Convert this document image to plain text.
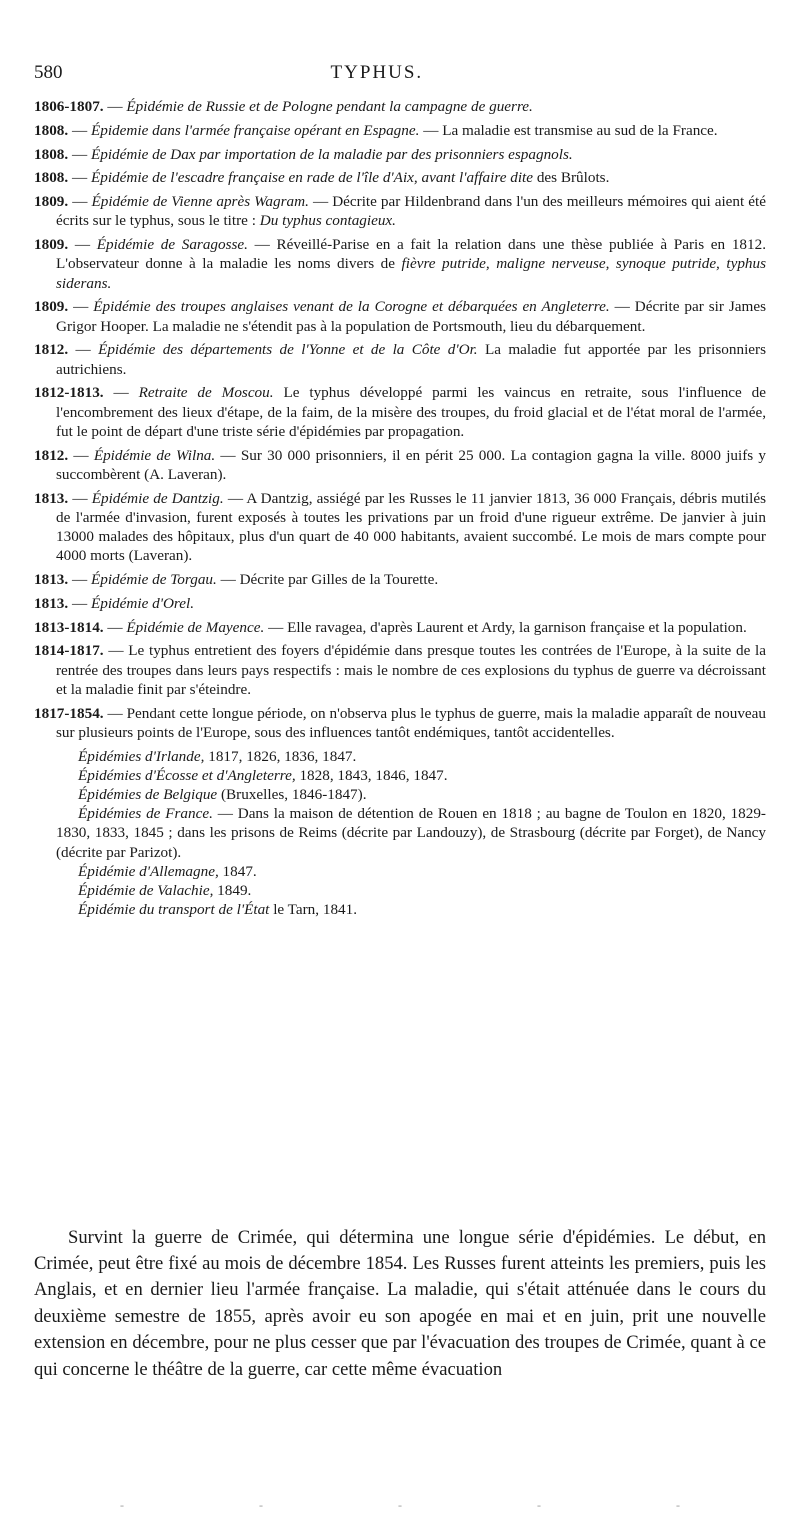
580	TYPHUS.

1806-1807. — Épidémie de Russie et de Pologne pendant la campagne de guerre.

1808. — Épidemie dans l'armée française opérant en Espagne. — La maladie est transmise au sud de la France.

1808. — Épidémie de Dax par importation de la maladie par des prisonniers espagnols.

1808. — Épidémie de l'escadre française en rade de l'île d'Aix, avant l'affaire dite des Brûlots.

1809. — Épidémie de Vienne après Wagram. — Décrite par Hildenbrand dans l'un des meilleurs mémoires qui aient été écrits sur le typhus, sous le titre : Du typhus contagieux.

1809. — Épidémie de Saragosse. — Réveillé-Parise en a fait la relation dans une thèse publiée à Paris en 1812. L'observateur donne à la maladie les noms divers de fièvre putride, maligne nerveuse, synoque putride, typhus siderans.

1809. — Épidémie des troupes anglaises venant de la Corogne et débarquées en Angleterre. — Décrite par sir James Grigor Hooper. La maladie ne s'étendit pas à la population de Portsmouth, lieu du débarquement.

1812. — Épidémie des départements de l'Yonne et de la Côte d'Or. La maladie fut apportée par les prisonniers autrichiens.

1812-1813. — Retraite de Moscou. Le typhus développé parmi les vaincus en retraite, sous l'influence de l'encombrement des lieux d'étape, de la faim, de la misère des troupes, du froid glacial et de l'état moral de l'armée, fut le point de départ d'une triste série d'épidémies par propagation.

1812. — Épidémie de Wilna. — Sur 30 000 prisonniers, il en périt 25 000. La contagion gagna la ville. 8000 juifs y succombèrent (A. Laveran).

1813. — Épidémie de Dantzig. — A Dantzig, assiégé par les Russes le 11 janvier 1813, 36 000 Français, débris mutilés de l'armée d'invasion, furent exposés à toutes les privations par un froid d'une rigueur extrême. De janvier à juin 13000 malades des hôpitaux, plus d'un quart de 40 000 habitants, avaient succombé. Le mois de mars compte pour 4000 morts (Laveran).

1813. — Épidémie de Torgau. — Décrite par Gilles de la Tourette.

1813. — Épidémie d'Orel.

1813-1814. — Épidémie de Mayence. — Elle ravagea, d'après Laurent et Ardy, la garnison française et la population.

1814-1817. — Le typhus entretient des foyers d'épidémie dans presque toutes les contrées de l'Europe, à la suite de la rentrée des troupes dans leurs pays respectifs : mais le nombre de ces explosions du typhus de guerre va décroissant et la maladie finit par s'éteindre.

1817-1854. — Pendant cette longue période, on n'observa plus le typhus de guerre, mais la maladie apparaît de nouveau sur plusieurs points de l'Europe, sous des influences tantôt endémiques, tantôt accidentelles.

Épidémies d'Irlande, 1817, 1826, 1836, 1847.

Épidémies d'Écosse et d'Angleterre, 1828, 1843, 1846, 1847.

Épidémies de Belgique (Bruxelles, 1846-1847).

Épidémies de France. — Dans la maison de détention de Rouen en 1818 ; au bagne de Toulon en 1820, 1829-1830, 1833, 1845 ; dans les prisons de Reims (décrite par Landouzy), de Strasbourg (décrite par Forget), de Nancy (décrite par Parizot).

Épidémie d'Allemagne, 1847.

Épidémie de Valachie, 1849.

Épidémie du transport de l'État le Tarn, 1841.

Survint la guerre de Crimée, qui détermina une longue série d'épidémies. Le début, en Crimée, peut être fixé au mois de décembre 1854. Les Russes furent atteints les premiers, puis les Anglais, et en dernier lieu l'armée française. La maladie, qui s'était atténuée dans le cours du deuxième semestre de 1855, après avoir eu son apogée en mai et en juin, prit une nouvelle extension en décembre, pour ne plus cesser que par l'évacuation des troupes de Crimée, quant à ce qui concerne le théâtre de la guerre, car cette même évacuation

-	-	-	-	-
